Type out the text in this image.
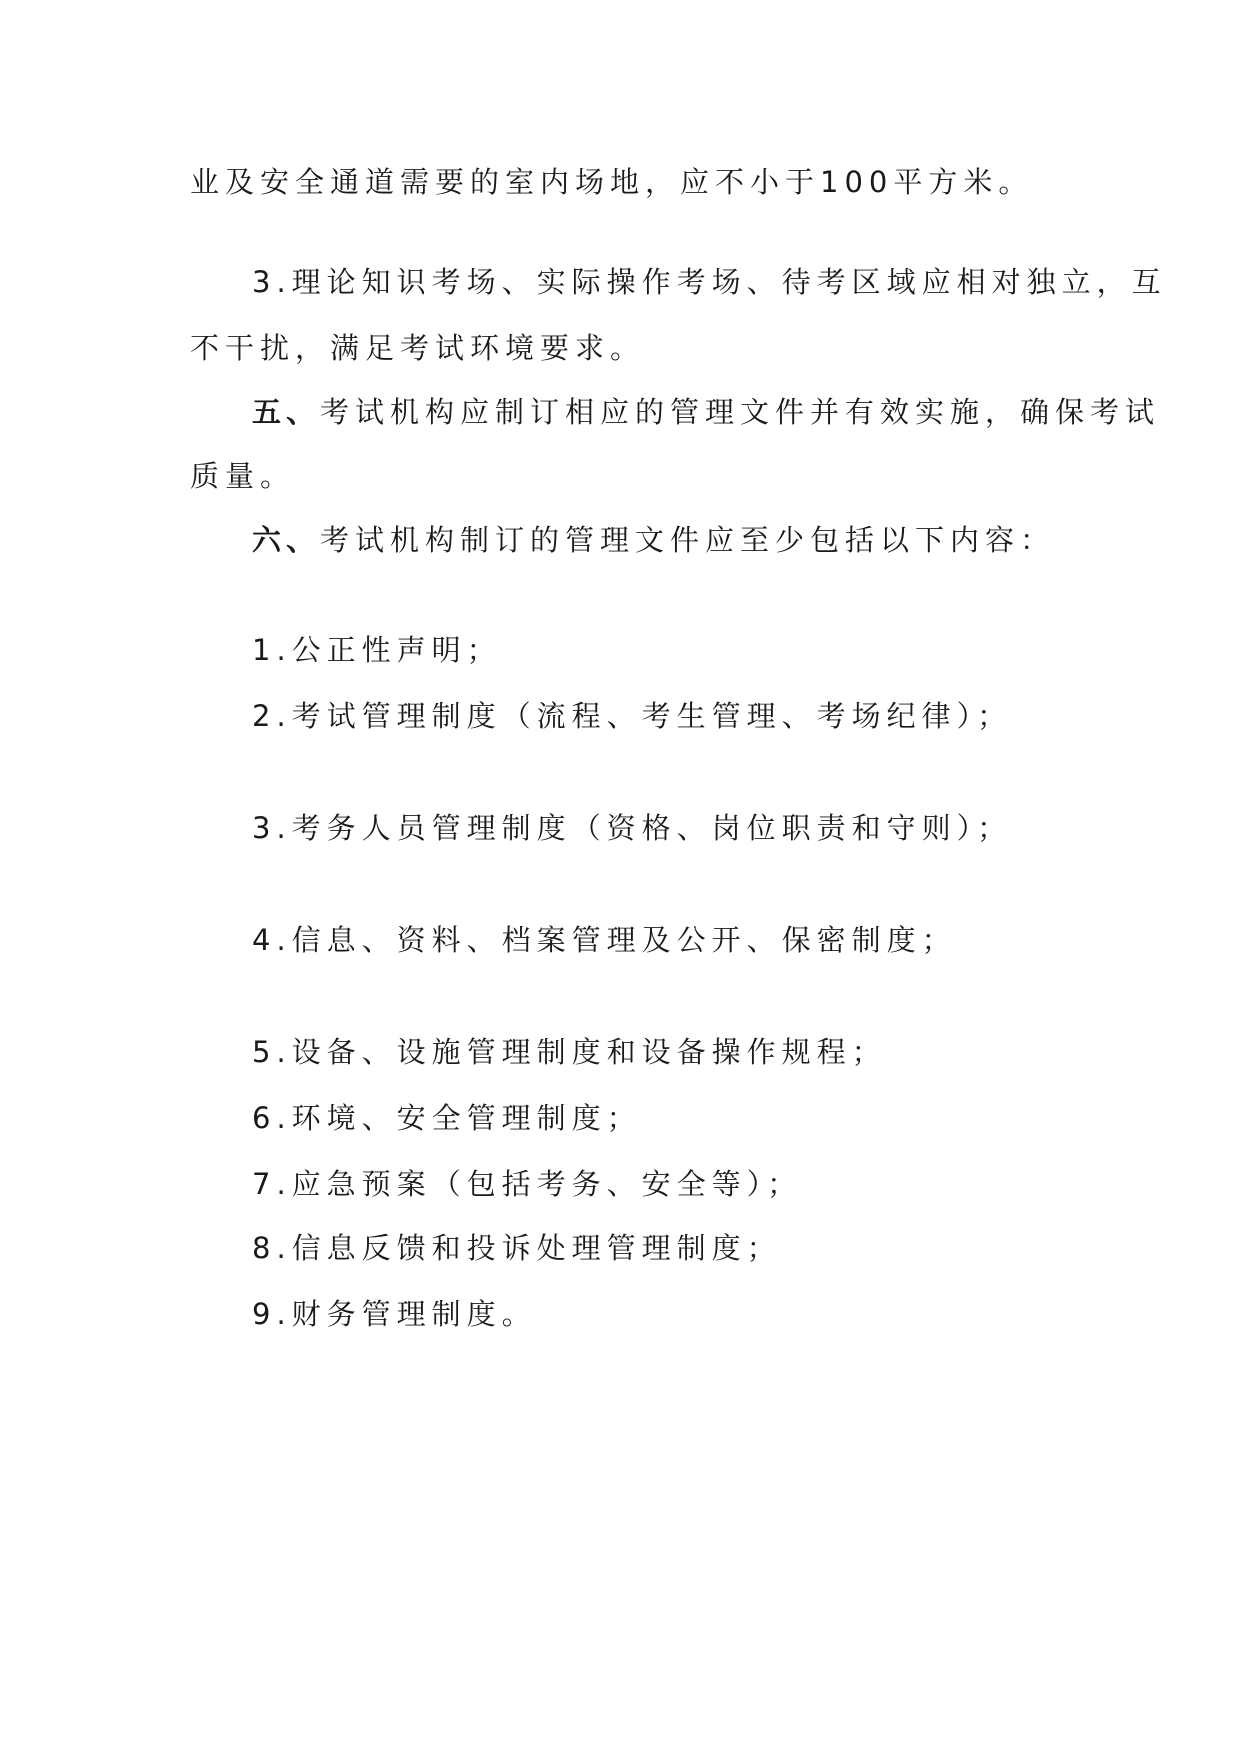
业及安全通道需要的室内场地，应不小于100平方米。
3.理论知识考场、实际操作考场、待考区域应相对独立，互
不干扰，满足考试环境要求。
五、考试机构应制订相应的管理文件并有效实施，确保考试
质量。
六、考试机构制订的管理文件应至少包括以下内容：
1.公正性声明；
2.考试管理制度（流程、考生管理、考场纪律）；
3.考务人员管理制度（资格、岗位职责和守则）；
4.信息、资料、档案管理及公开、保密制度；
5.设备、设施管理制度和设备操作规程；
6.环境、安全管理制度；
7.应急预案（包括考务、安全等）；
8.信息反馈和投诉处理管理制度；
9.财务管理制度。
